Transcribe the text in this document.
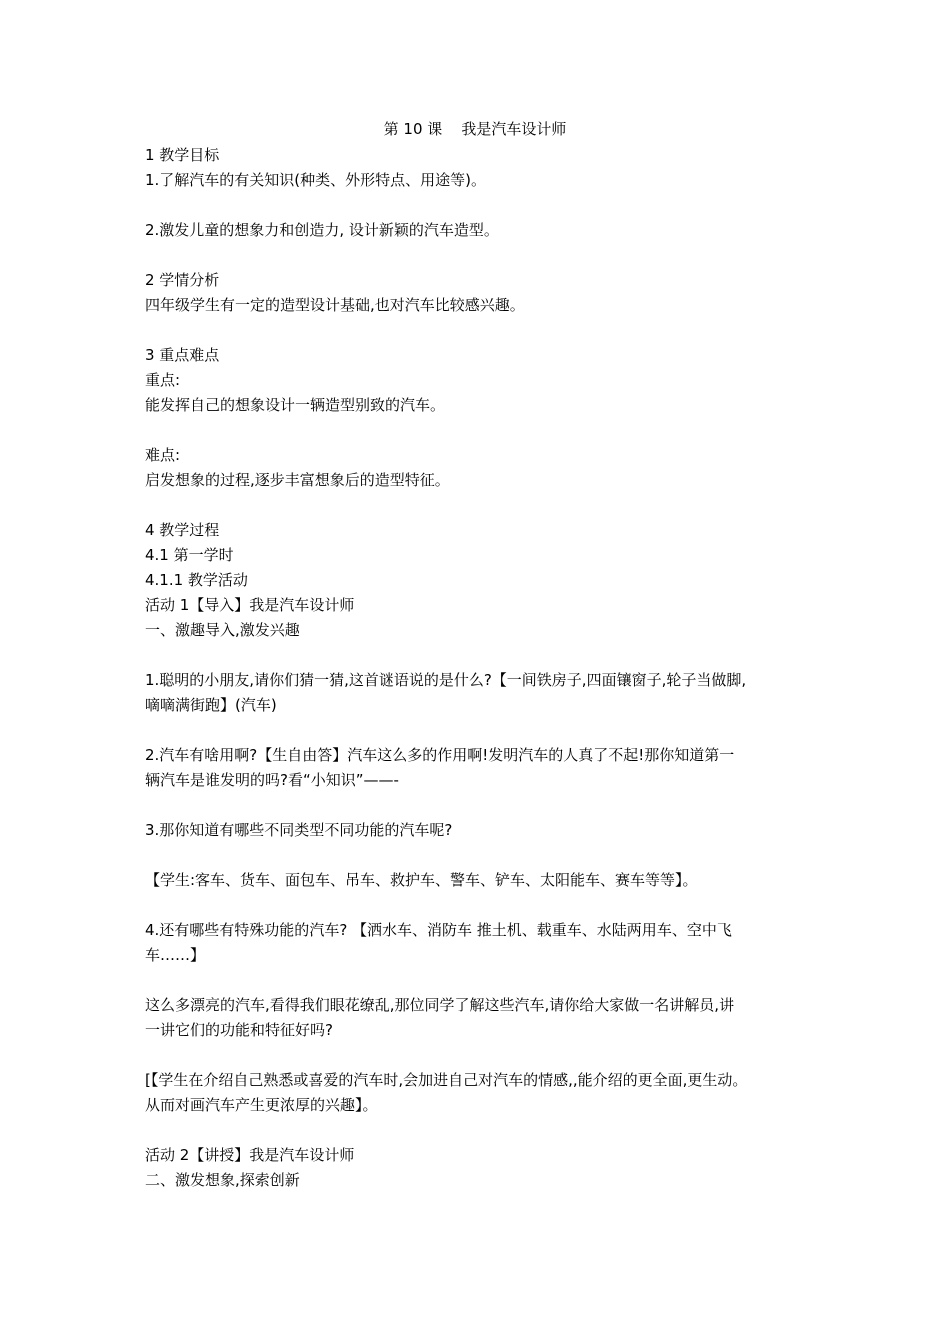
第 10 课    我是汽车设计师
1 教学目标
1.了解汽车的有关知识(种类、外形特点、用途等)。
2.激发儿童的想象力和创造力, 设计新颖的汽车造型。
2 学情分析
四年级学生有一定的造型设计基础,也对汽车比较感兴趣。
3 重点难点
重点:
能发挥自己的想象设计一辆造型别致的汽车。
难点:
启发想象的过程,逐步丰富想象后的造型特征。
4 教学过程
4.1 第一学时
4.1.1 教学活动
活动 1【导入】我是汽车设计师
一、激趣导入,激发兴趣
1.聪明的小朋友,请你们猜一猜,这首谜语说的是什么?【一间铁房子,四面镶窗子,轮子当做脚,
嘀嘀满街跑】(汽车)
2.汽车有啥用啊?【生自由答】汽车这么多的作用啊!发明汽车的人真了不起!那你知道第一
辆汽车是谁发明的吗?看“小知识”——-
3.那你知道有哪些不同类型不同功能的汽车呢?
【学生:客车、货车、面包车、吊车、救护车、警车、铲车、太阳能车、赛车等等】。
4.还有哪些有特殊功能的汽车? 【洒水车、消防车 推土机、载重车、水陆两用车、空中飞
车……】
这么多漂亮的汽车,看得我们眼花缭乱,那位同学了解这些汽车,请你给大家做一名讲解员,讲
一讲它们的功能和特征好吗?
[【学生在介绍自己熟悉或喜爱的汽车时,会加进自己对汽车的情感,,能介绍的更全面,更生动。
从而对画汽车产生更浓厚的兴趣】。
活动 2【讲授】我是汽车设计师
二、激发想象,探索创新
